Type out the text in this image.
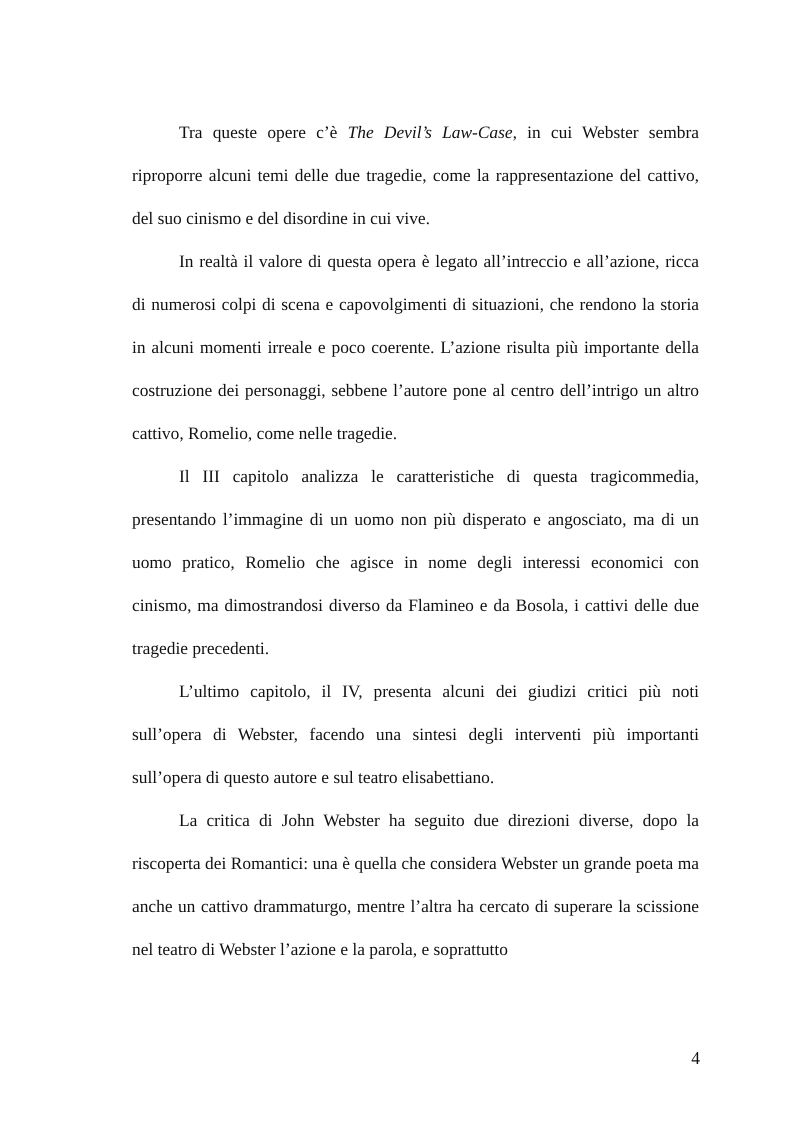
Tra queste opere c’è The Devil’s Law-Case, in cui Webster sembra riproporre alcuni temi delle due tragedie, come la rappresentazione del cattivo, del suo cinismo e del disordine in cui vive.

In realtà il valore di questa opera è legato all’intreccio e all’azione, ricca di numerosi colpi di scena e capovolgimenti di situazioni, che rendono la storia in alcuni momenti irreale e poco coerente. L’azione risulta più importante della costruzione dei personaggi, sebbene l’autore pone al centro dell’intrigo un altro cattivo, Romelio, come nelle tragedie.

Il III capitolo analizza le caratteristiche di questa tragicommedia, presentando l’immagine di un uomo non più disperato e angosciato, ma di un uomo pratico, Romelio che agisce in nome degli interessi economici con cinismo, ma dimostrandosi diverso da Flamineo e da Bosola, i cattivi delle due tragedie precedenti.

L’ultimo capitolo, il IV, presenta alcuni dei giudizi critici più noti sull’opera di Webster, facendo una sintesi degli interventi più importanti sull’opera di questo autore e sul teatro elisabettiano.

La critica di John Webster ha seguito due direzioni diverse, dopo la riscoperta dei Romantici: una è quella che considera Webster un grande poeta ma anche un cattivo drammaturgo, mentre l’altra ha cercato di superare la scissione nel teatro di Webster l’azione e la parola, e soprattutto

4
